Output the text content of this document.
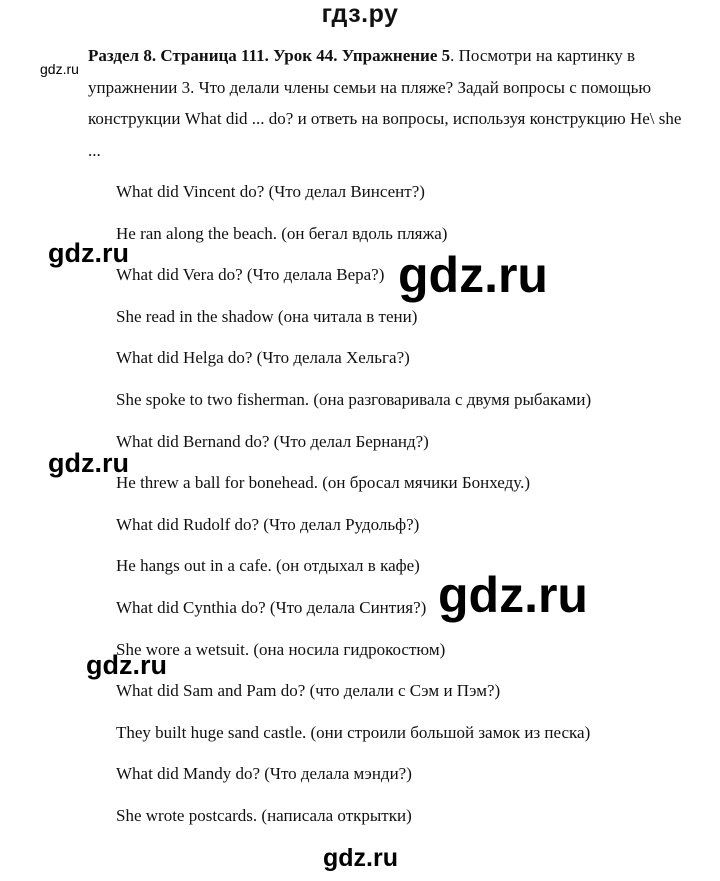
гдз.ру

Раздел 8. Страница 111. Урок 44. Упражнение 5. Посмотри на картинку в упражнении 3. Что делали члены семьи на пляже? Задай вопросы с помощью конструкции What did ... do? и ответь на вопросы, используя конструкцию He\ she ...

What did Vincent do? (Что делал Винсент?)
He ran along the beach. (он бегал вдоль пляжа)
What did Vera do? (Что делала Вера?)
She read in the shadow (она читала в тени)
What did Helga do? (Что делала Хельга?)
She spoke to two fisherman. (она разговаривала с двумя рыбаками)
What did Bernand do? (Что делал Бернанд?)
He threw a ball for bonehead. (он бросал мячики Бонхеду.)
What did Rudolf do? (Что делал Рудольф?)
He hangs out in a cafe. (он отдыхал в кафе)
What did Cynthia do? (Что делала Синтия?)
She wore a wetsuit. (она носила гидрокостюм)
What did Sam and Pam do? (что делали с Сэм и Пэм?)
They built huge sand castle. (они строили большой замок из песка)
What did Mandy do? (Что делала мэнди?)
She wrote postcards. (написала открытки)
gdz.ru
gdz.ru	gdz.ru
gdz.ru
gdz.ru
gdz.ru
gdz.ru
